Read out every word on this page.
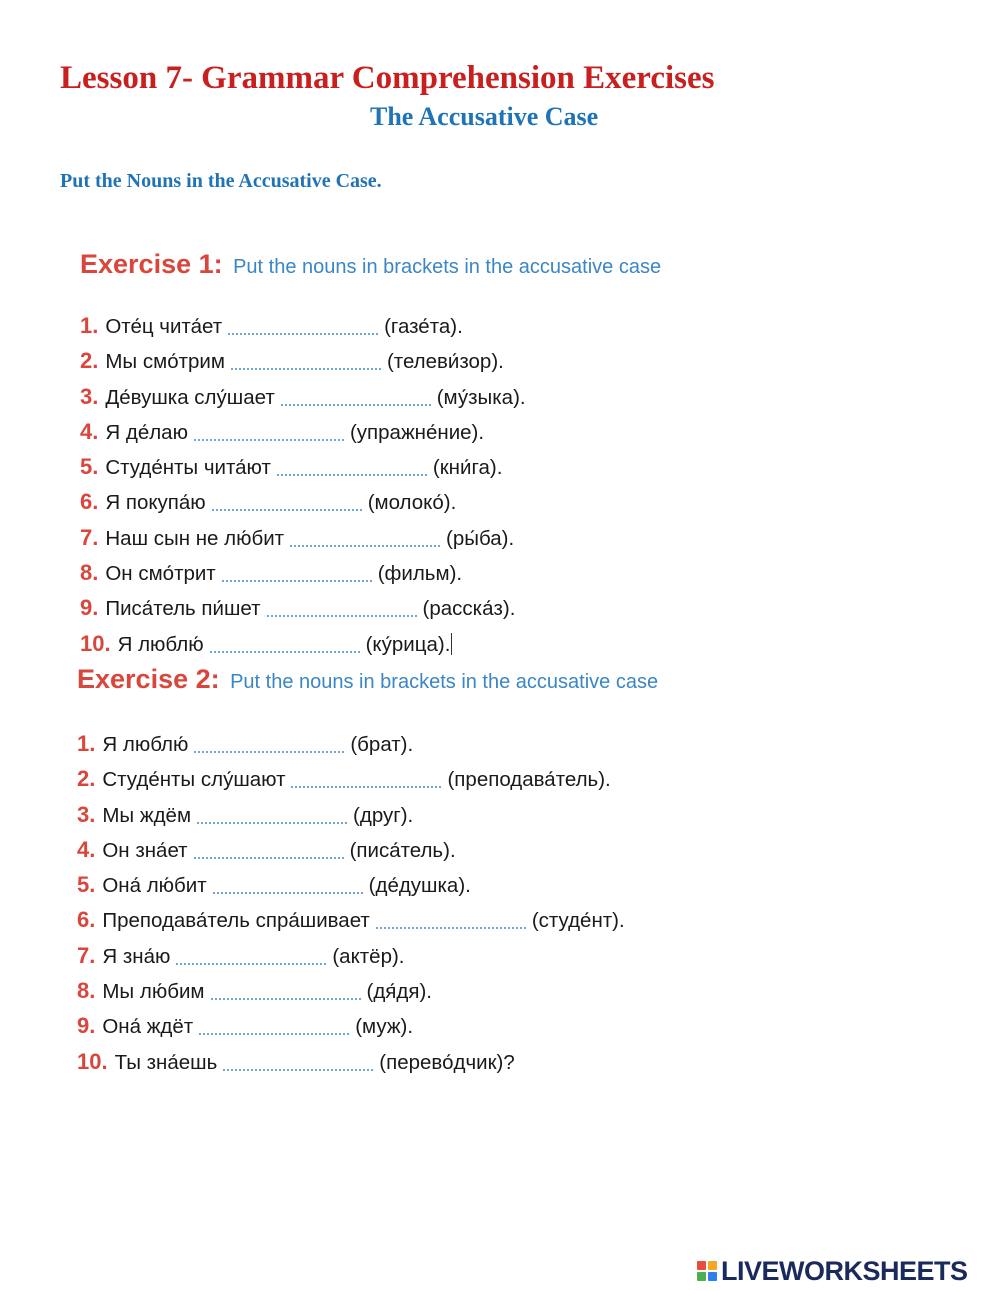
Lesson 7- Grammar Comprehension Exercises
The Accusative Case
Put the Nouns in the Accusative Case.
Exercise 1: Put the nouns in brackets in the accusative case
1. Оте́ц чита́ет	(газе́та).
2. Мы смо́трим	(телеви́зор).
3. Де́вушка слу́шает	(му́зыка).
4. Я де́лаю	(упражне́ние).
5. Студе́нты чита́ют	(кни́га).
6. Я покупа́ю	(молоко́).
7. Наш сын не лю́бит	(ры́ба).
8. Он смо́трит	(фильм).
9. Писа́тель пи́шет	(расска́з).
10. Я люблю́	(ку́рица).
Exercise 2: Put the nouns in brackets in the accusative case
1. Я люблю́	(брат).
2. Студе́нты слу́шают	(преподава́тель).
3. Мы ждём	(друг).
4. Он зна́ет	(писа́тель).
5. Она́ лю́бит	(де́душка).
6. Преподава́тель спра́шивает	(студе́нт).
7. Я зна́ю	(актёр).
8. Мы лю́бим	(дя́дя).
9. Она́ ждёт	(муж).
10. Ты зна́ешь	(перево́дчик)?
LIVEWORKSHEETS
